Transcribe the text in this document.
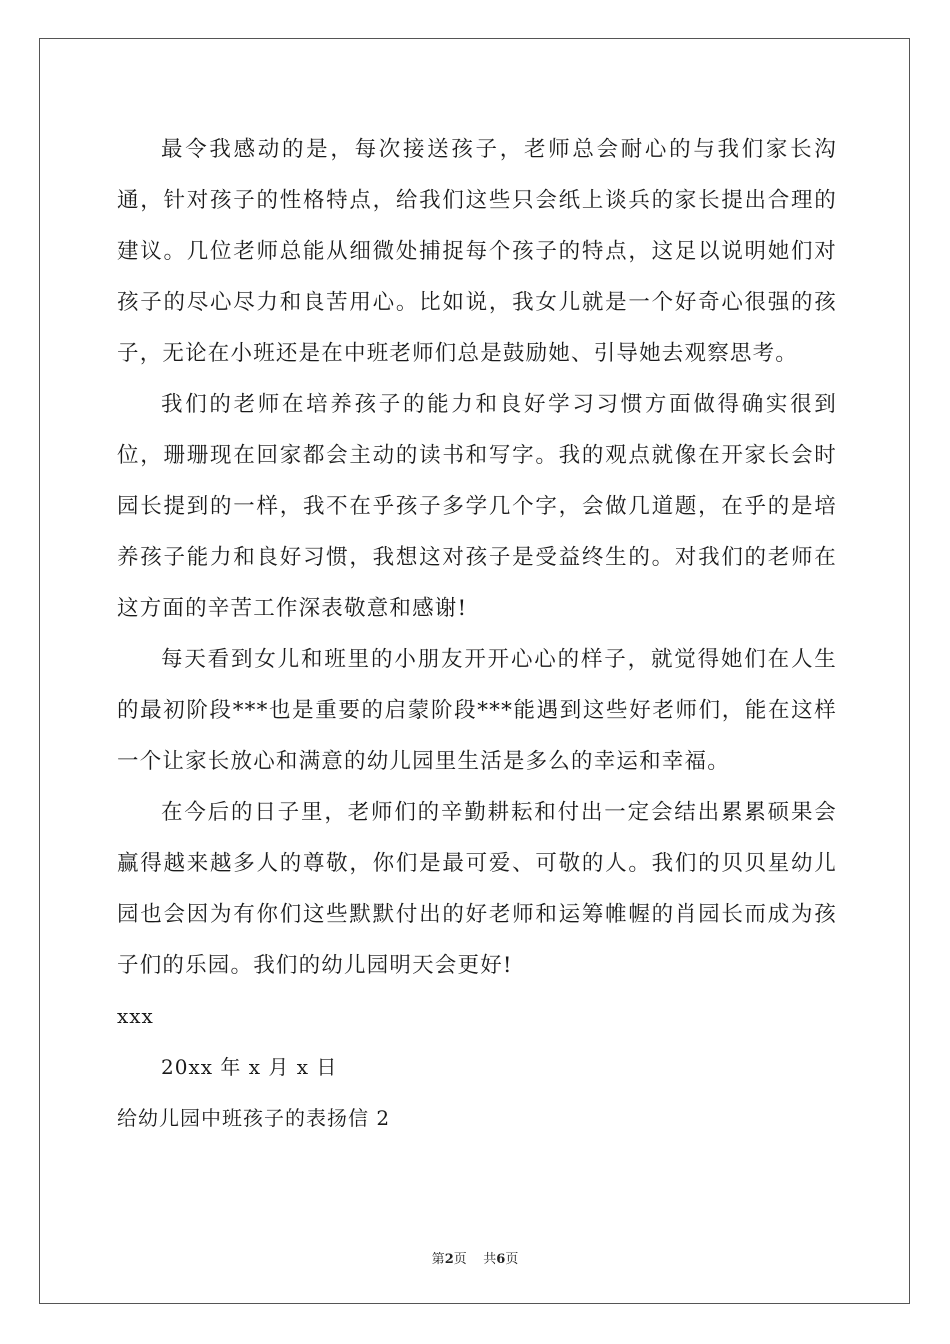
最令我感动的是，每次接送孩子，老师总会耐心的与我们家长沟通，针对孩子的性格特点，给我们这些只会纸上谈兵的家长提出合理的建议。几位老师总能从细微处捕捉每个孩子的特点，这足以说明她们对孩子的尽心尽力和良苦用心。比如说，我女儿就是一个好奇心很强的孩子，无论在小班还是在中班老师们总是鼓励她、引导她去观察思考。

我们的老师在培养孩子的能力和良好学习习惯方面做得确实很到位，珊珊现在回家都会主动的读书和写字。我的观点就像在开家长会时园长提到的一样，我不在乎孩子多学几个字，会做几道题，在乎的是培养孩子能力和良好习惯，我想这对孩子是受益终生的。对我们的老师在这方面的辛苦工作深表敬意和感谢!

每天看到女儿和班里的小朋友开开心心的样子，就觉得她们在人生的最初阶段***也是重要的启蒙阶段***能遇到这些好老师们，能在这样一个让家长放心和满意的幼儿园里生活是多么的幸运和幸福。

在今后的日子里，老师们的辛勤耕耘和付出一定会结出累累硕果会赢得越来越多人的尊敬，你们是最可爱、可敬的人。我们的贝贝星幼儿园也会因为有你们这些默默付出的好老师和运筹帷幄的肖园长而成为孩子们的乐园。我们的幼儿园明天会更好!

xxx

20xx 年 x 月 x 日

给幼儿园中班孩子的表扬信 2

第2页    共6页
